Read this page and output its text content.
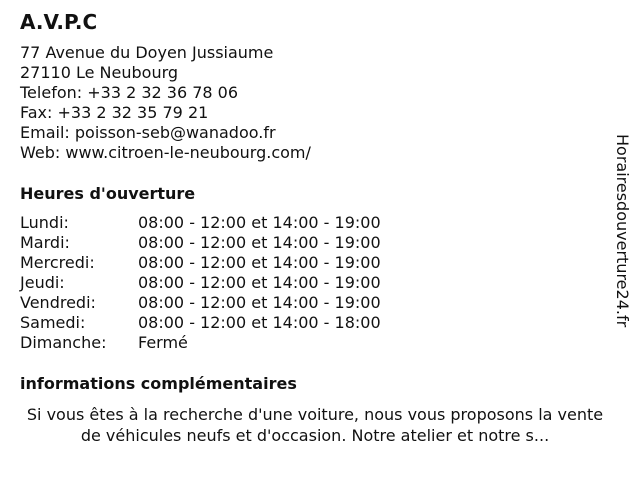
A.V.P.C
77 Avenue du Doyen Jussiaume
27110 Le Neubourg
Telefon: +33 2 32 36 78 06
Fax: +33 2 32 35 79 21
Email: poisson-seb@wanadoo.fr
Web: www.citroen-le-neubourg.com/
Heures d'ouverture
Lundi:	08:00 - 12:00 et 14:00 - 19:00
Mardi:	08:00 - 12:00 et 14:00 - 19:00
Mercredi:	08:00 - 12:00 et 14:00 - 19:00
Jeudi:	08:00 - 12:00 et 14:00 - 19:00
Vendredi:	08:00 - 12:00 et 14:00 - 19:00
Samedi:	08:00 - 12:00 et 14:00 - 18:00
Dimanche: Fermé
informations complémentaires
Si vous êtes à la recherche d'une voiture, nous vous proposons la vente de véhicules neufs et d'occasion. Notre atelier et notre s...
Horairesdouverture24.fr
